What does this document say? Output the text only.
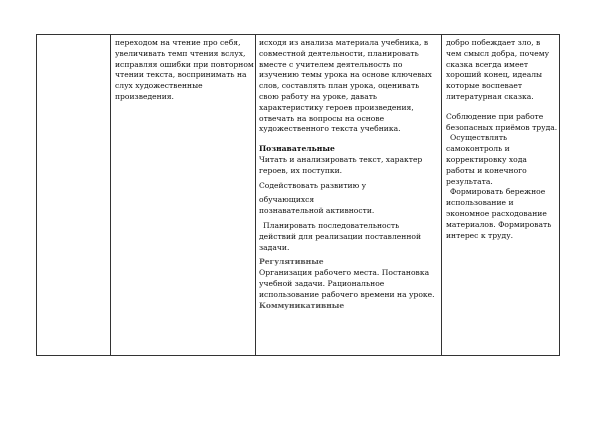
переходом на чтение про себя, увеличивать темп чтения вслух, исправляя ошибки при повторном чтении текста, воспринимать на слух художественные произведения.

исходя из анализа материала учебника, в совместной деятельности, планировать вместе с учителем деятельность по изучению темы урока на основе ключевых слов, составлять план урока, оценивать свою работу на уроке, давать характеристику героев произведения, отвечать на вопросы на основе художественного текста учебника.

Познавательные

Читать и анализировать текст, характер героев, их поступки.

Содействовать развитию у

обучающихся

познавательной активности.

Планировать последовательность действий для реализации поставленной задачи.

Регулятивные

Организация рабочего места. Постановка учебной задачи. Рациональное использование рабочего времени на уроке.

Коммуникативные

добро побеждает зло, в чем смысл добра, почему сказка всегда имеет хороший конец, идеалы которые воспевает литературная сказка.

Соблюдение при работе безопасных приёмов труда.

Осуществлять самоконтроль и корректировку хода работы и конечного результата.

Формировать бережное использование и экономное расходование материалов. Формировать интерес к труду.
